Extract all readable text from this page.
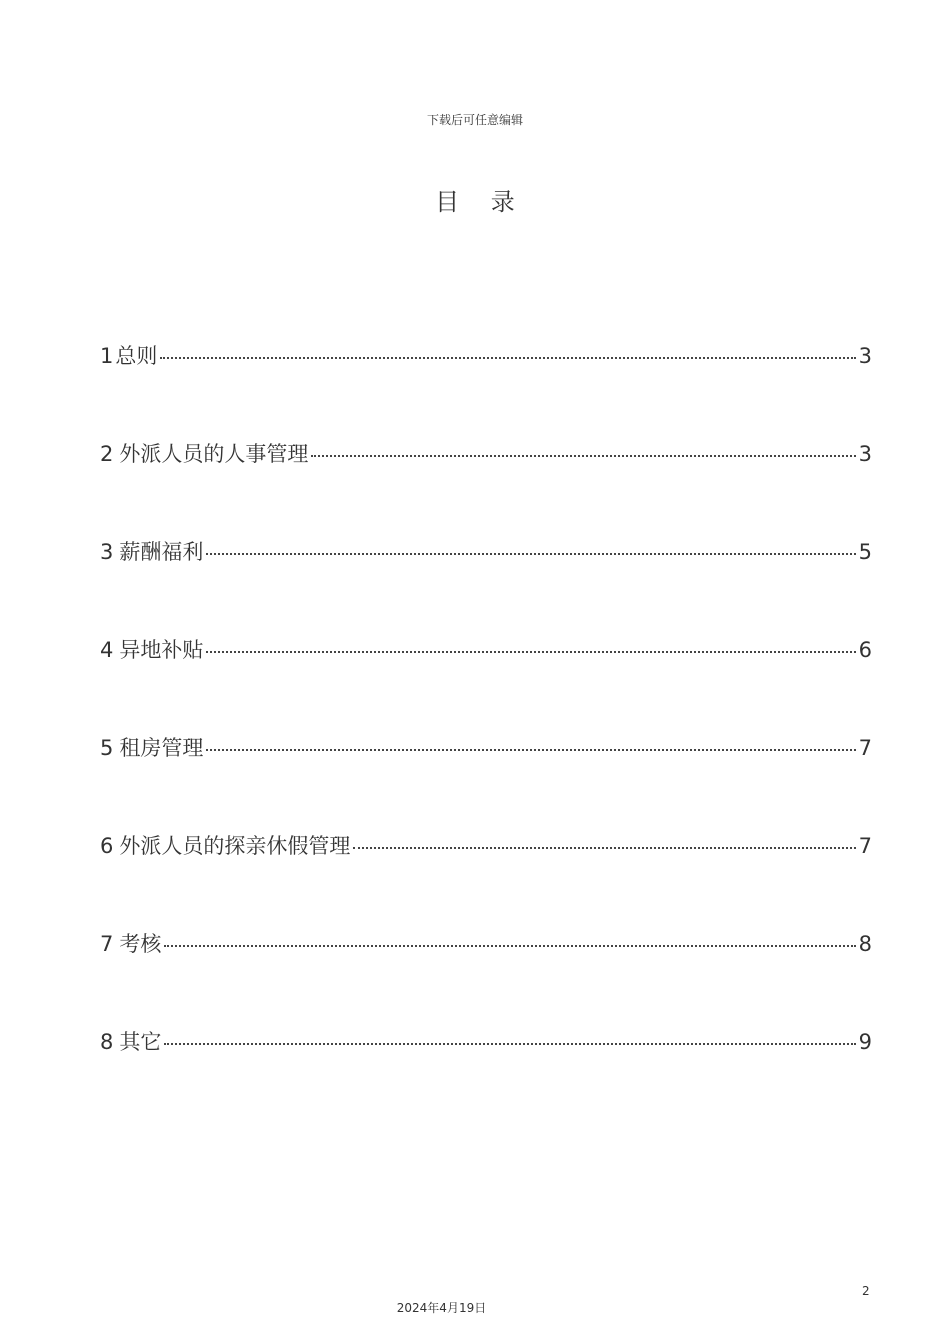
下载后可任意编辑
目 录
1 总则	3
2 外派人员的人事管理	3
3 薪酬福利	5
4 异地补贴	6
5 租房管理	7
6 外派人员的探亲休假管理	7
7 考核	8
8 其它	9
2
2024年4月19日
